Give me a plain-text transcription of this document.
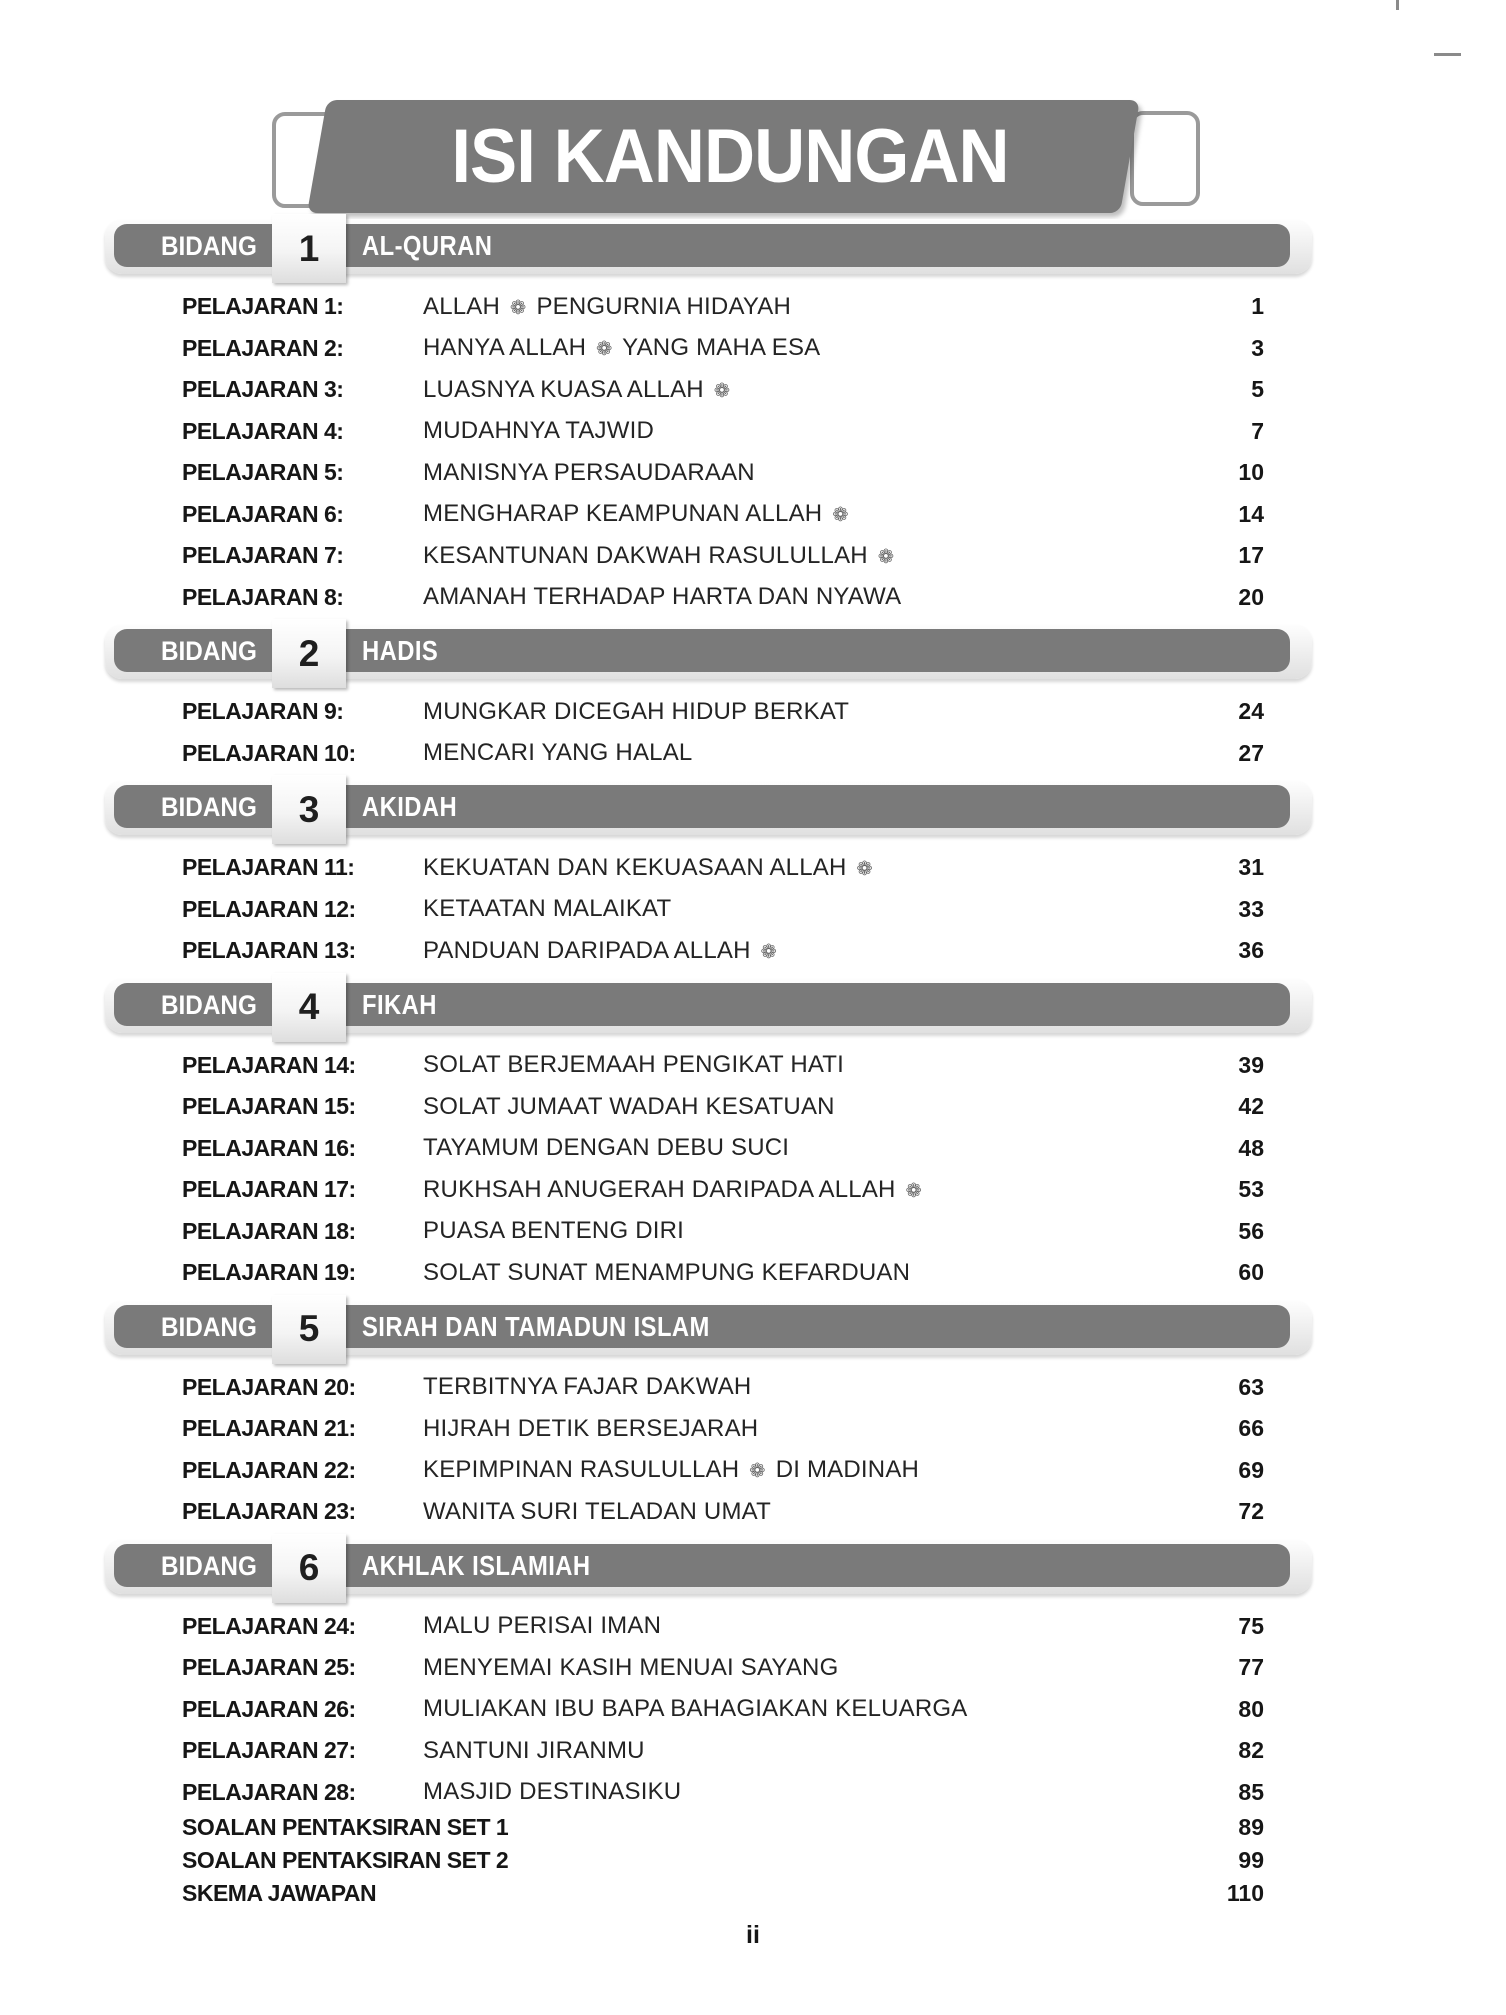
ISI KANDUNGAN
BIDANG	AL-QURAN
1
PELAJARAN 1:	ALLAH ❁ PENGURNIA HIDAYAH	1
PELAJARAN 2:	HANYA ALLAH ❁ YANG MAHA ESA	3
PELAJARAN 3:	LUASNYA KUASA ALLAH ❁	5
PELAJARAN 4:	MUDAHNYA TAJWID	7
PELAJARAN 5:	MANISNYA PERSAUDARAAN	10
PELAJARAN 6:	MENGHARAP KEAMPUNAN ALLAH ❁	14
PELAJARAN 7:	KESANTUNAN DAKWAH RASULULLAH ❁	17
PELAJARAN 8:	AMANAH TERHADAP HARTA DAN NYAWA	20
BIDANG	HADIS
2
PELAJARAN 9:	MUNGKAR DICEGAH HIDUP BERKAT	24
PELAJARAN 10:	MENCARI YANG HALAL	27
BIDANG	AKIDAH
3
PELAJARAN 11:	KEKUATAN DAN KEKUASAAN ALLAH ❁	31
PELAJARAN 12:	KETAATAN MALAIKAT	33
PELAJARAN 13:	PANDUAN DARIPADA ALLAH ❁	36
BIDANG	FIKAH
4
PELAJARAN 14:	SOLAT BERJEMAAH PENGIKAT HATI	39
PELAJARAN 15:	SOLAT JUMAAT WADAH KESATUAN	42
PELAJARAN 16:	TAYAMUM DENGAN DEBU SUCI	48
PELAJARAN 17:	RUKHSAH ANUGERAH DARIPADA ALLAH ❁	53
PELAJARAN 18:	PUASA BENTENG DIRI	56
PELAJARAN 19:	SOLAT SUNAT MENAMPUNG KEFARDUAN	60
BIDANG	SIRAH DAN TAMADUN ISLAM
5
PELAJARAN 20:	TERBITNYA FAJAR DAKWAH	63
PELAJARAN 21:	HIJRAH DETIK BERSEJARAH	66
PELAJARAN 22:	KEPIMPINAN RASULULLAH ❁ DI MADINAH	69
PELAJARAN 23:	WANITA SURI TELADAN UMAT	72
BIDANG	AKHLAK ISLAMIAH
6
PELAJARAN 24:	MALU PERISAI IMAN	75
PELAJARAN 25:	MENYEMAI KASIH MENUAI SAYANG	77
PELAJARAN 26:	MULIAKAN IBU BAPA BAHAGIAKAN KELUARGA	80
PELAJARAN 27:	SANTUNI JIRANMU	82
PELAJARAN 28:	MASJID DESTINASIKU	85
SOALAN PENTAKSIRAN SET 1	89
SOALAN PENTAKSIRAN SET 2	99
SKEMA JAWAPAN	110
ii
